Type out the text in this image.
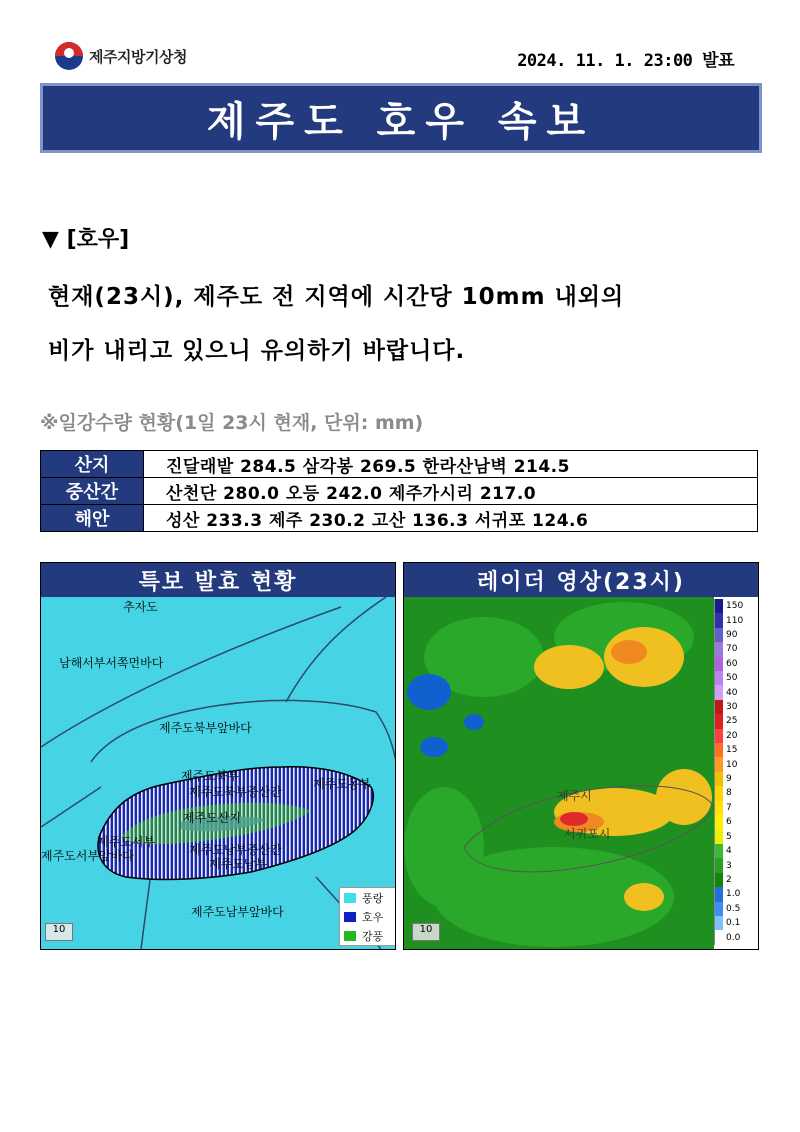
제주지방기상청	2024. 11. 1. 23:00 발표
제주도 호우 속보
▼ [호우]
현재(23시), 제주도 전 지역에 시간당 10mm 내외의
비가 내리고 있으니 유의하기 바랍니다.
※일강수량 현황(1일 23시 현재, 단위: mm)
산지	진달래밭 284.5 삼각봉 269.5 한라산남벽 214.5
중산간	산천단 280.0 오등 242.0 제주가시리 217.0
해안	성산 233.3 제주 230.2 고산 136.3 서귀포 124.6
특보 발효 현황
추자도
남해서부서쪽먼바다
제주도북부앞바다
제주도북부
제주도북부중산간
제주도동부
제주도산지
제주도서부
제주도서부앞바다	제주도남부중산간
제주도남부
제주도남부앞바다
10
풍랑
호우
강풍
레이더 영상(23시)
제주시
서귀포시
10
150
110
90
70
60
50
40
30
25
20
15
10
9
8
7
6
5
4
3
2
1.0
0.5
0.1
0.0
